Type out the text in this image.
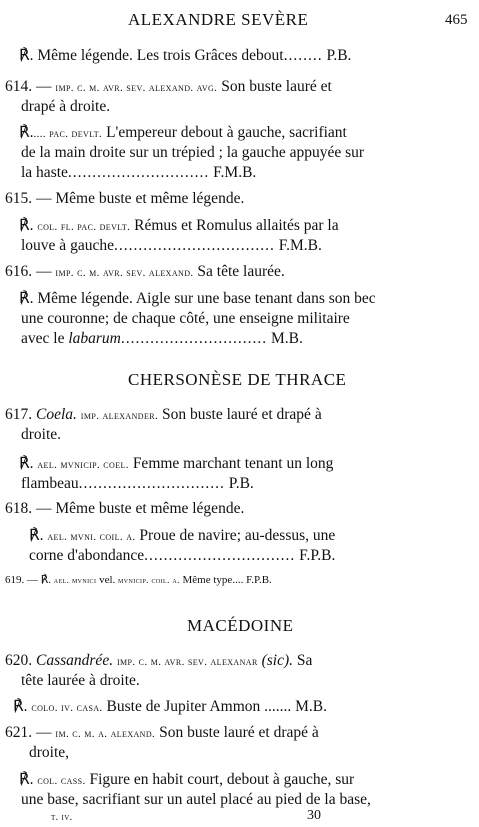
ALEXANDRE SEVÈRE	465
℟. Même légende. Les trois Grâces debout........ P.B.
614. — imp. c. m. avr. sev. alexand. avg. Son buste lauré et
drapé à droite.
℟..... pac. devlt. L'empereur debout à gauche, sacrifiant
de la main droite sur un trépied ; la gauche appuyée sur
la haste............................. F.M.B.
615. — Même buste et même légende.
℟. col. fl. pac. devlt. Rémus et Romulus allaités par la
louve à gauche................................. F.M.B.
616. — imp. c. m. avr. sev. alexand. Sa tête laurée.
℟. Même légende. Aigle sur une base tenant dans son bec
une couronne; de chaque côté, une enseigne militaire
avec le labarum.............................. M.B.
CHERSONÈSE DE THRACE
617. Coela. imp. alexander. Son buste lauré et drapé à
droite.
℟. ael. mvnicip. coel. Femme marchant tenant un long
flambeau.............................. P.B.
618. — Même buste et même légende.
℟. ael. mvni. coil. a. Proue de navire; au-dessus, une
corne d'abondance............................... F.P.B.
619. — ℟. ael. mvnici vel. mvnicip. coil. a. Même type.... F.P.B.
MACÉDOINE
620. Cassandrée. imp. c. m. avr. sev. alexanar (sic). Sa
tête laurée à droite.
℟. colo. iv. casa. Buste de Jupiter Ammon ....... M.B.
621. — im. c. m. a. alexand. Son buste lauré et drapé à
droite,
℟. col. cass. Figure en habit court, debout à gauche, sur
une base, sacrifiant sur un autel placé au pied de la base,
t. iv.	30
